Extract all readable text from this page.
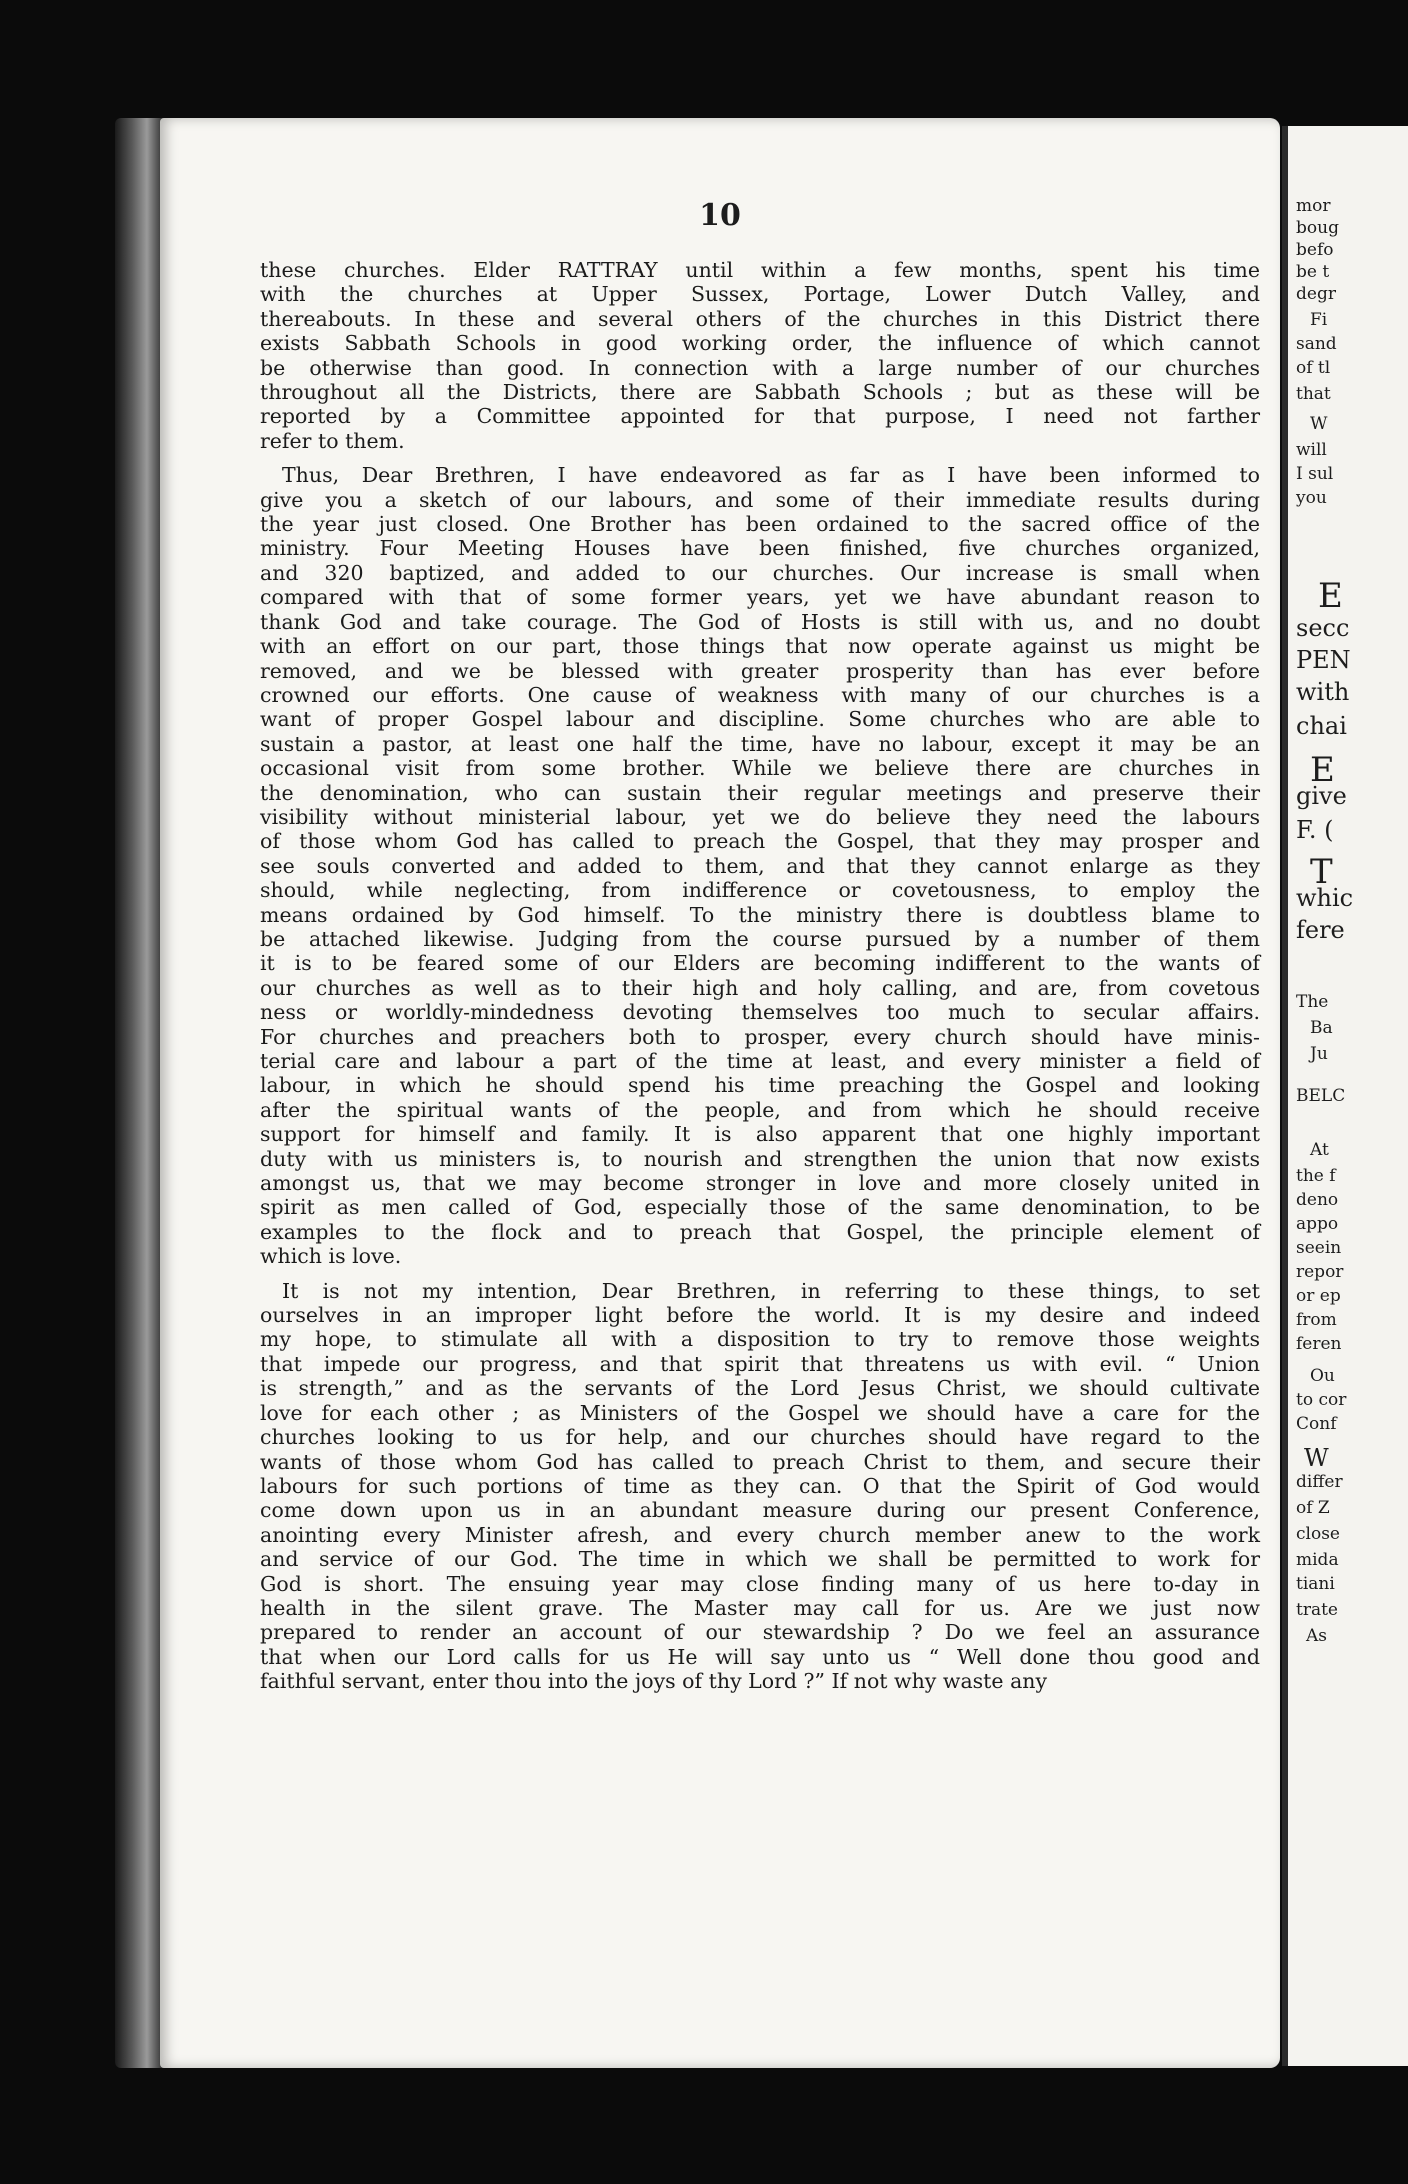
10

these churches. Elder RATTRAY until within a few months, spent his time
with the churches at Upper Sussex, Portage, Lower Dutch Valley, and
thereabouts. In these and several others of the churches in this District there
exists Sabbath Schools in good working order, the influence of which cannot
be otherwise than good. In connection with a large number of our churches
throughout all the Districts, there are Sabbath Schools ; but as these will be
reported by a Committee appointed for that purpose, I need not farther
refer to them.

Thus, Dear Brethren, I have endeavored as far as I have been informed to
give you a sketch of our labours, and some of their immediate results during
the year just closed. One Brother has been ordained to the sacred office of the
ministry. Four Meeting Houses have been finished, five churches organized,
and 320 baptized, and added to our churches. Our increase is small when
compared with that of some former years, yet we have abundant reason to
thank God and take courage. The God of Hosts is still with us, and no doubt
with an effort on our part, those things that now operate against us might be
removed, and we be blessed with greater prosperity than has ever before
crowned our efforts. One cause of weakness with many of our churches is a
want of proper Gospel labour and discipline. Some churches who are able to
sustain a pastor, at least one half the time, have no labour, except it may be an
occasional visit from some brother. While we believe there are churches in
the denomination, who can sustain their regular meetings and preserve their
visibility without ministerial labour, yet we do believe they need the labours
of those whom God has called to preach the Gospel, that they may prosper and
see souls converted and added to them, and that they cannot enlarge as they
should, while neglecting, from indifference or covetousness, to employ the
means ordained by God himself. To the ministry there is doubtless blame to
be attached likewise. Judging from the course pursued by a number of them
it is to be feared some of our Elders are becoming indifferent to the wants of
our churches as well as to their high and holy calling, and are, from covetous
ness or worldly-mindedness devoting themselves too much to secular affairs.
For churches and preachers both to prosper, every church should have minis-
terial care and labour a part of the time at least, and every minister a field of
labour, in which he should spend his time preaching the Gospel and looking
after the spiritual wants of the people, and from which he should receive
support for himself and family. It is also apparent that one highly important
duty with us ministers is, to nourish and strengthen the union that now exists
amongst us, that we may become stronger in love and more closely united in
spirit as men called of God, especially those of the same denomination, to be
examples to the flock and to preach that Gospel, the principle element of
which is love.

It is not my intention, Dear Brethren, in referring to these things, to set
ourselves in an improper light before the world. It is my desire and indeed
my hope, to stimulate all with a disposition to try to remove those weights
that impede our progress, and that spirit that threatens us with evil. “ Union
is strength,” and as the servants of the Lord Jesus Christ, we should cultivate
love for each other ; as Ministers of the Gospel we should have a care for the
churches looking to us for help, and our churches should have regard to the
wants of those whom God has called to preach Christ to them, and secure their
labours for such portions of time as they can. O that the Spirit of God would
come down upon us in an abundant measure during our present Conference,
anointing every Minister afresh, and every church member anew to the work
and service of our God. The time in which we shall be permitted to work for
God is short. The ensuing year may close finding many of us here to-day in
health in the silent grave. The Master may call for us. Are we just now
prepared to render an account of our stewardship ? Do we feel an assurance
that when our Lord calls for us He will say unto us “ Well done thou good and
faithful servant, enter thou into the joys of thy Lord ?” If not why waste any

mor
boug
befo
be t
degr
Fi
sand
of tl
that
W
will
I sul
you
E
secc
PEN
with
chai
E
give
F. (
T
whic
fere
The
Ba
Ju
BELC
At
the f
deno
appo
seein
repor
or ep
from
feren
Ou
to cor
Conf
W
differ
of Z
close
mida
tiani
trate
As
